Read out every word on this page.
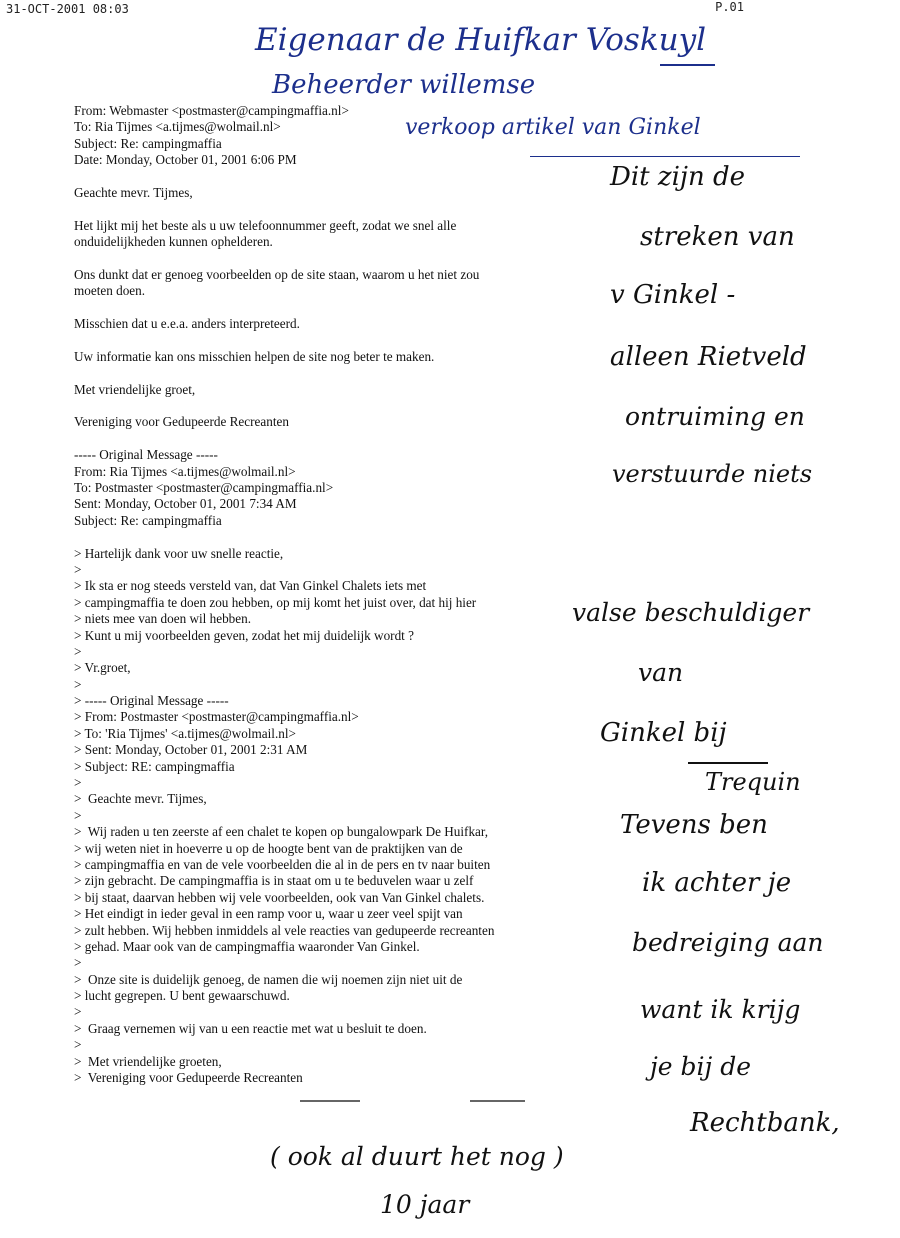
31-OCT-2001 08:03	P.01
Eigenaar de Huifkar Voskuyl
Beheerder willemse
verkoop artikel van Ginkel
From: Webmaster <postmaster@campingmaffia.nl>
To: Ria Tijmes <a.tijmes@wolmail.nl>
Subject: Re: campingmaffia
Date: Monday, October 01, 2001 6:06 PM
Geachte mevr. Tijmes,
Het lijkt mij het beste als u uw telefoonnummer geeft, zodat we snel alle
onduidelijkheden kunnen ophelderen.
Ons dunkt dat er genoeg voorbeelden op de site staan, waarom u het niet zou
moeten doen.
Misschien dat u e.e.a. anders interpreteerd.
Uw informatie kan ons misschien helpen de site nog beter te maken.
Met vriendelijke groet,
Vereniging voor Gedupeerde Recreanten
----- Original Message -----
From: Ria Tijmes <a.tijmes@wolmail.nl>
To: Postmaster <postmaster@campingmaffia.nl>
Sent: Monday, October 01, 2001 7:34 AM
Subject: Re: campingmaffia
> Hartelijk dank voor uw snelle reactie,
>
> Ik sta er nog steeds versteld van, dat Van Ginkel Chalets iets met
> campingmaffia te doen zou hebben, op mij komt het juist over, dat hij hier
> niets mee van doen wil hebben.
> Kunt u mij voorbeelden geven, zodat het mij duidelijk wordt ?
>
> Vr.groet,
>
> ----- Original Message -----
> From: Postmaster <postmaster@campingmaffia.nl>
> To: 'Ria Tijmes' <a.tijmes@wolmail.nl>
> Sent: Monday, October 01, 2001 2:31 AM
> Subject: RE: campingmaffia
>
>  Geachte mevr. Tijmes,
>
>  Wij raden u ten zeerste af een chalet te kopen op bungalowpark De Huifkar,
> wij weten niet in hoeverre u op de hoogte bent van de praktijken van de
> campingmaffia en van de vele voorbeelden die al in de pers en tv naar buiten
> zijn gebracht. De campingmaffia is in staat om u te beduvelen waar u zelf
> bij staat, daarvan hebben wij vele voorbeelden, ook van Van Ginkel chalets.
> Het eindigt in ieder geval in een ramp voor u, waar u zeer veel spijt van
> zult hebben. Wij hebben inmiddels al vele reacties van gedupeerde recreanten
> gehad. Maar ook van de campingmaffia waaronder Van Ginkel.
>
>  Onze site is duidelijk genoeg, de namen die wij noemen zijn niet uit de
> lucht gegrepen. U bent gewaarschuwd.
>
>  Graag vernemen wij van u een reactie met wat u besluit te doen.
>
>  Met vriendelijke groeten,
>  Vereniging voor Gedupeerde Recreanten
Dit zijn de
streken van
v Ginkel -
alleen Rietveld
ontruiming en
verstuurde niets
valse beschuldiger
van
Ginkel bij
Trequin
Tevens ben
ik achter je
bedreiging aan
want ik krijg
je bij de
Rechtbank,
( ook al duurt het nog )
10 jaar
